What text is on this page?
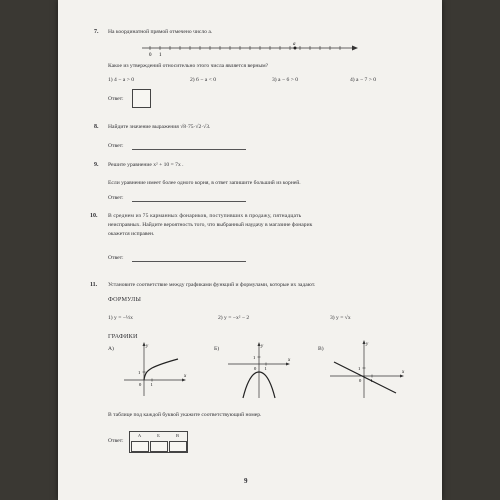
7. На координатной прямой отмечено число a.
0 1
a
Какое из утверждений относительно этого числа является верным?
1) 4 − a > 0	2) 6 − a < 0	3) a − 6 > 0	4) a − 7 > 0
Ответ:
8. Найдите значение выражения √8·75·√2·√3.
Ответ:
9. Решите уравнение x² + 10 = 7x .
Если уравнение имеет более одного корня, в ответ запишите больший из корней.
Ответ:
10. В среднем из 75 карманных фонариков, поступивших в продажу, пятнадцать
неисправных. Найдите вероятность того, что выбранный наудачу в магазине фонарик
окажется исправен.
Ответ:
11. Установите соответствие между графиками функций и формулами, которые их задают.
ФОРМУЛЫ
1) y = −½x	2) y = −x² − 2	3) y = √x
ГРАФИКИ
А)	Б)	В)
x
y
0 1
1
x
y
0 1
1
x
y
0 1
1
В таблице под каждой буквой укажите соответствующий номер.
Ответ:
А	Б	В
9
